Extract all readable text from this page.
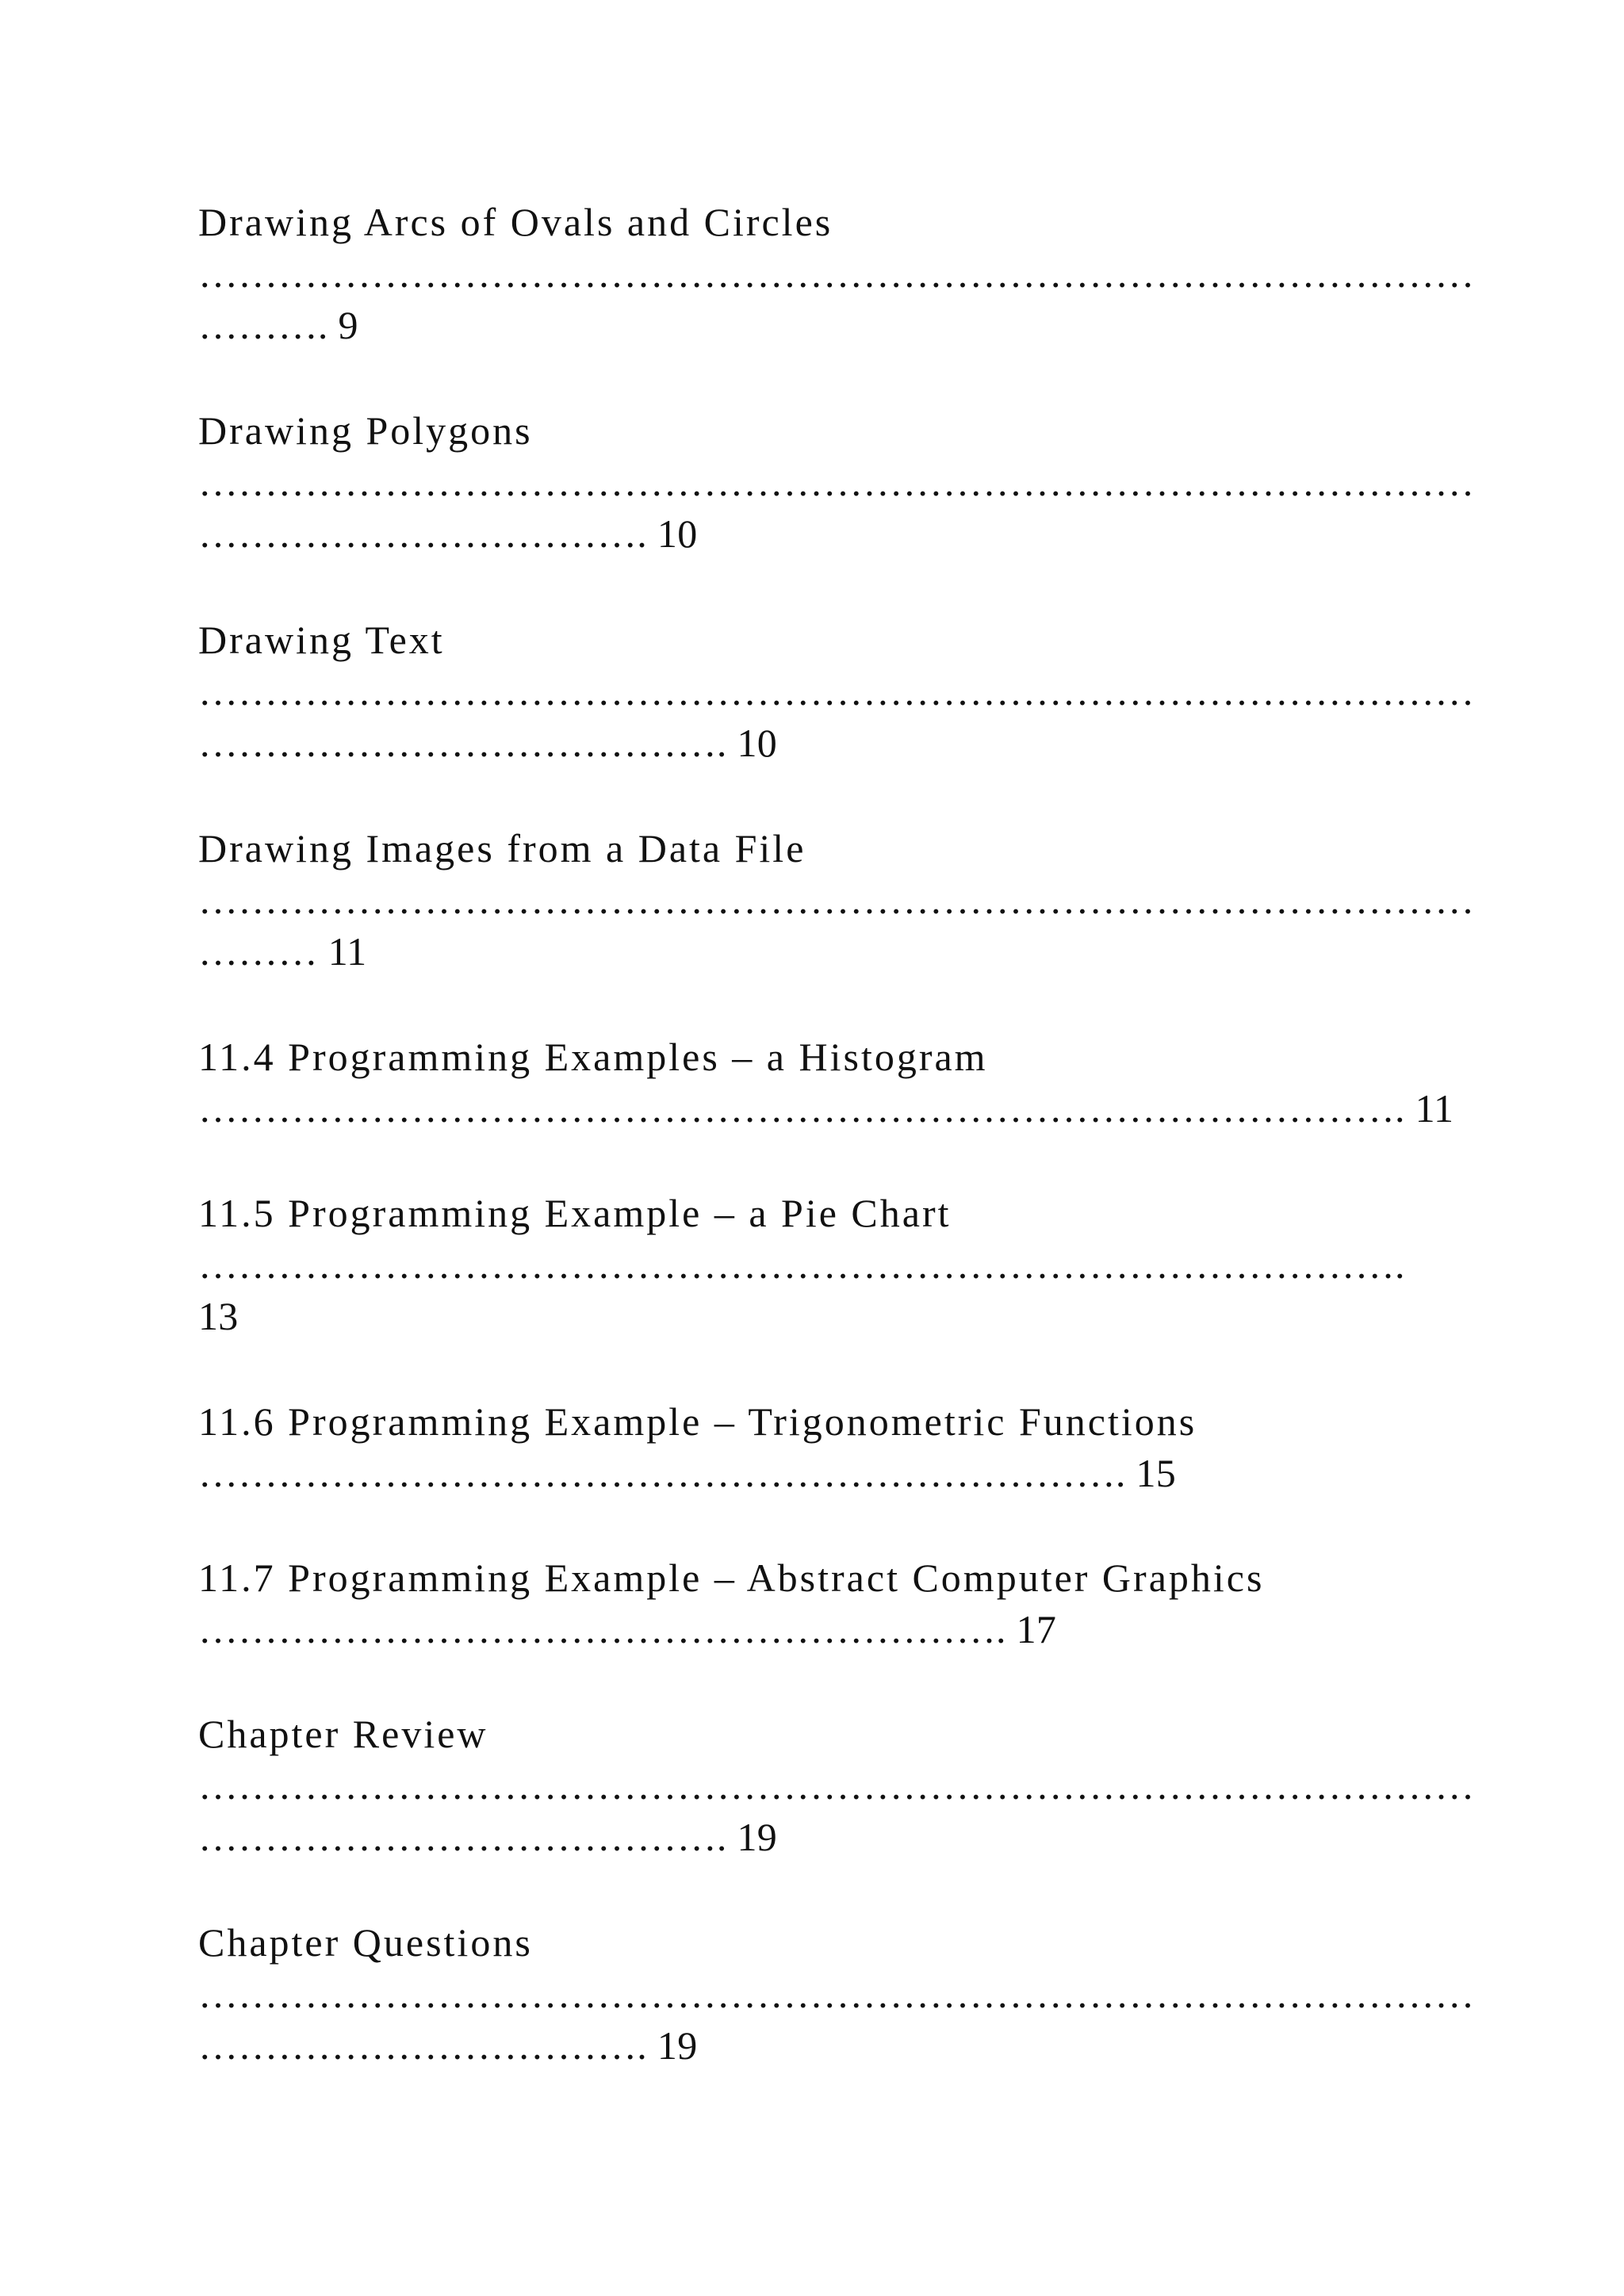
Drawing Arcs of Ovals and Circles
……………………………………………………………………………………
………. 9
Drawing Polygons
……………………………………………………………………………………
……………………………. 10
Drawing Text
……………………………………………………………………………………
…………………………………. 10
Drawing Images from a Data File
……………………………………………………………………………………
……… 11
11.4 Programming Examples – a Histogram
………………………………………………………………………………. 11
11.5 Programming Example – a Pie Chart
……………………………………………………………………………….
13
11.6 Programming Example – Trigonometric Functions
……………………………………………………………. 15
11.7 Programming Example – Abstract Computer Graphics
……………………………………………………. 17
Chapter Review
……………………………………………………………………………………
…………………………………. 19
Chapter Questions
……………………………………………………………………………………
……………………………. 19
